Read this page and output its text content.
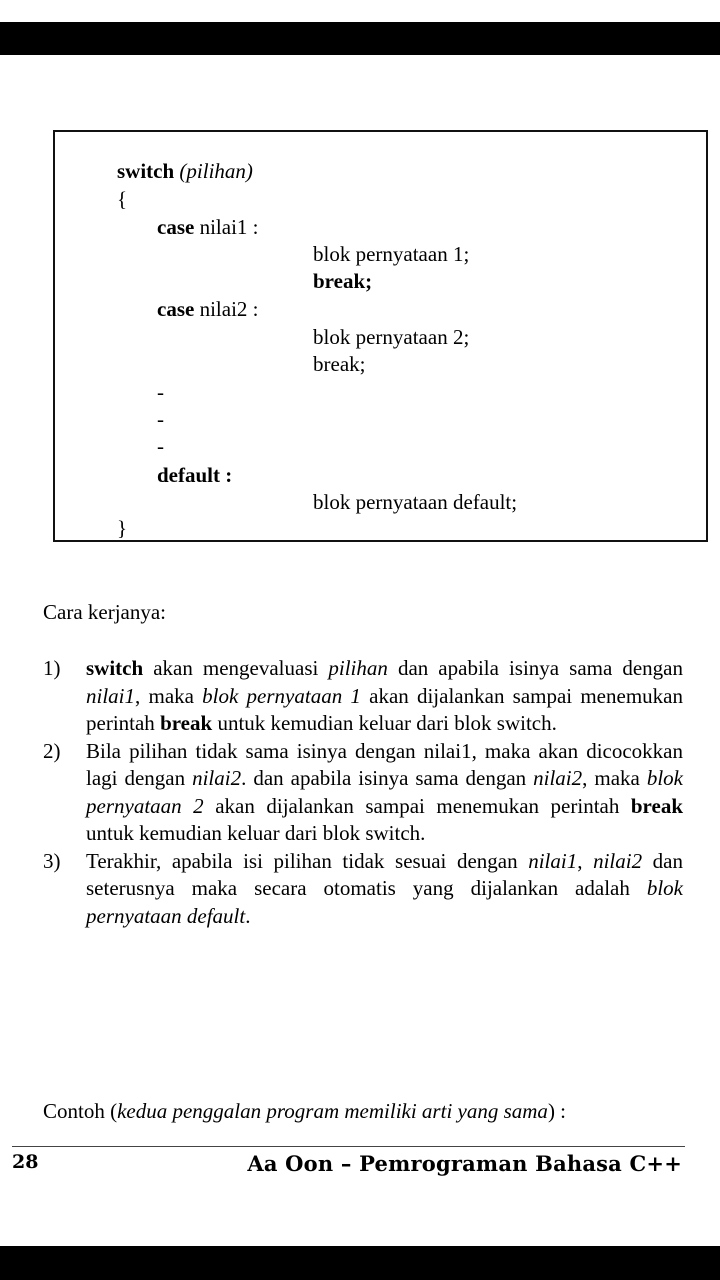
switch (pilihan)
{
case nilai1 :
blok pernyataan 1;
break;
case nilai2 :
blok pernyataan 2;
break;
-
-
-
default :
blok pernyataan default;
}
Cara kerjanya:
1) switch akan mengevaluasi pilihan dan apabila isinya sama dengan nilai1, maka blok pernyataan 1 akan dijalankan sampai menemukan perintah break untuk kemudian keluar dari blok switch.
2) Bila pilihan tidak sama isinya dengan nilai1, maka akan dicocokkan lagi dengan nilai2. dan apabila isinya sama dengan nilai2, maka blok pernyataan 2 akan dijalankan sampai menemukan perintah break untuk kemudian keluar dari blok switch.
3) Terakhir, apabila isi pilihan tidak sesuai dengan nilai1, nilai2 dan seterusnya maka secara otomatis yang dijalankan adalah blok pernyataan default.
Contoh (kedua penggalan program memiliki arti yang sama) :
28	Aa Oon – Pemrograman Bahasa C++
